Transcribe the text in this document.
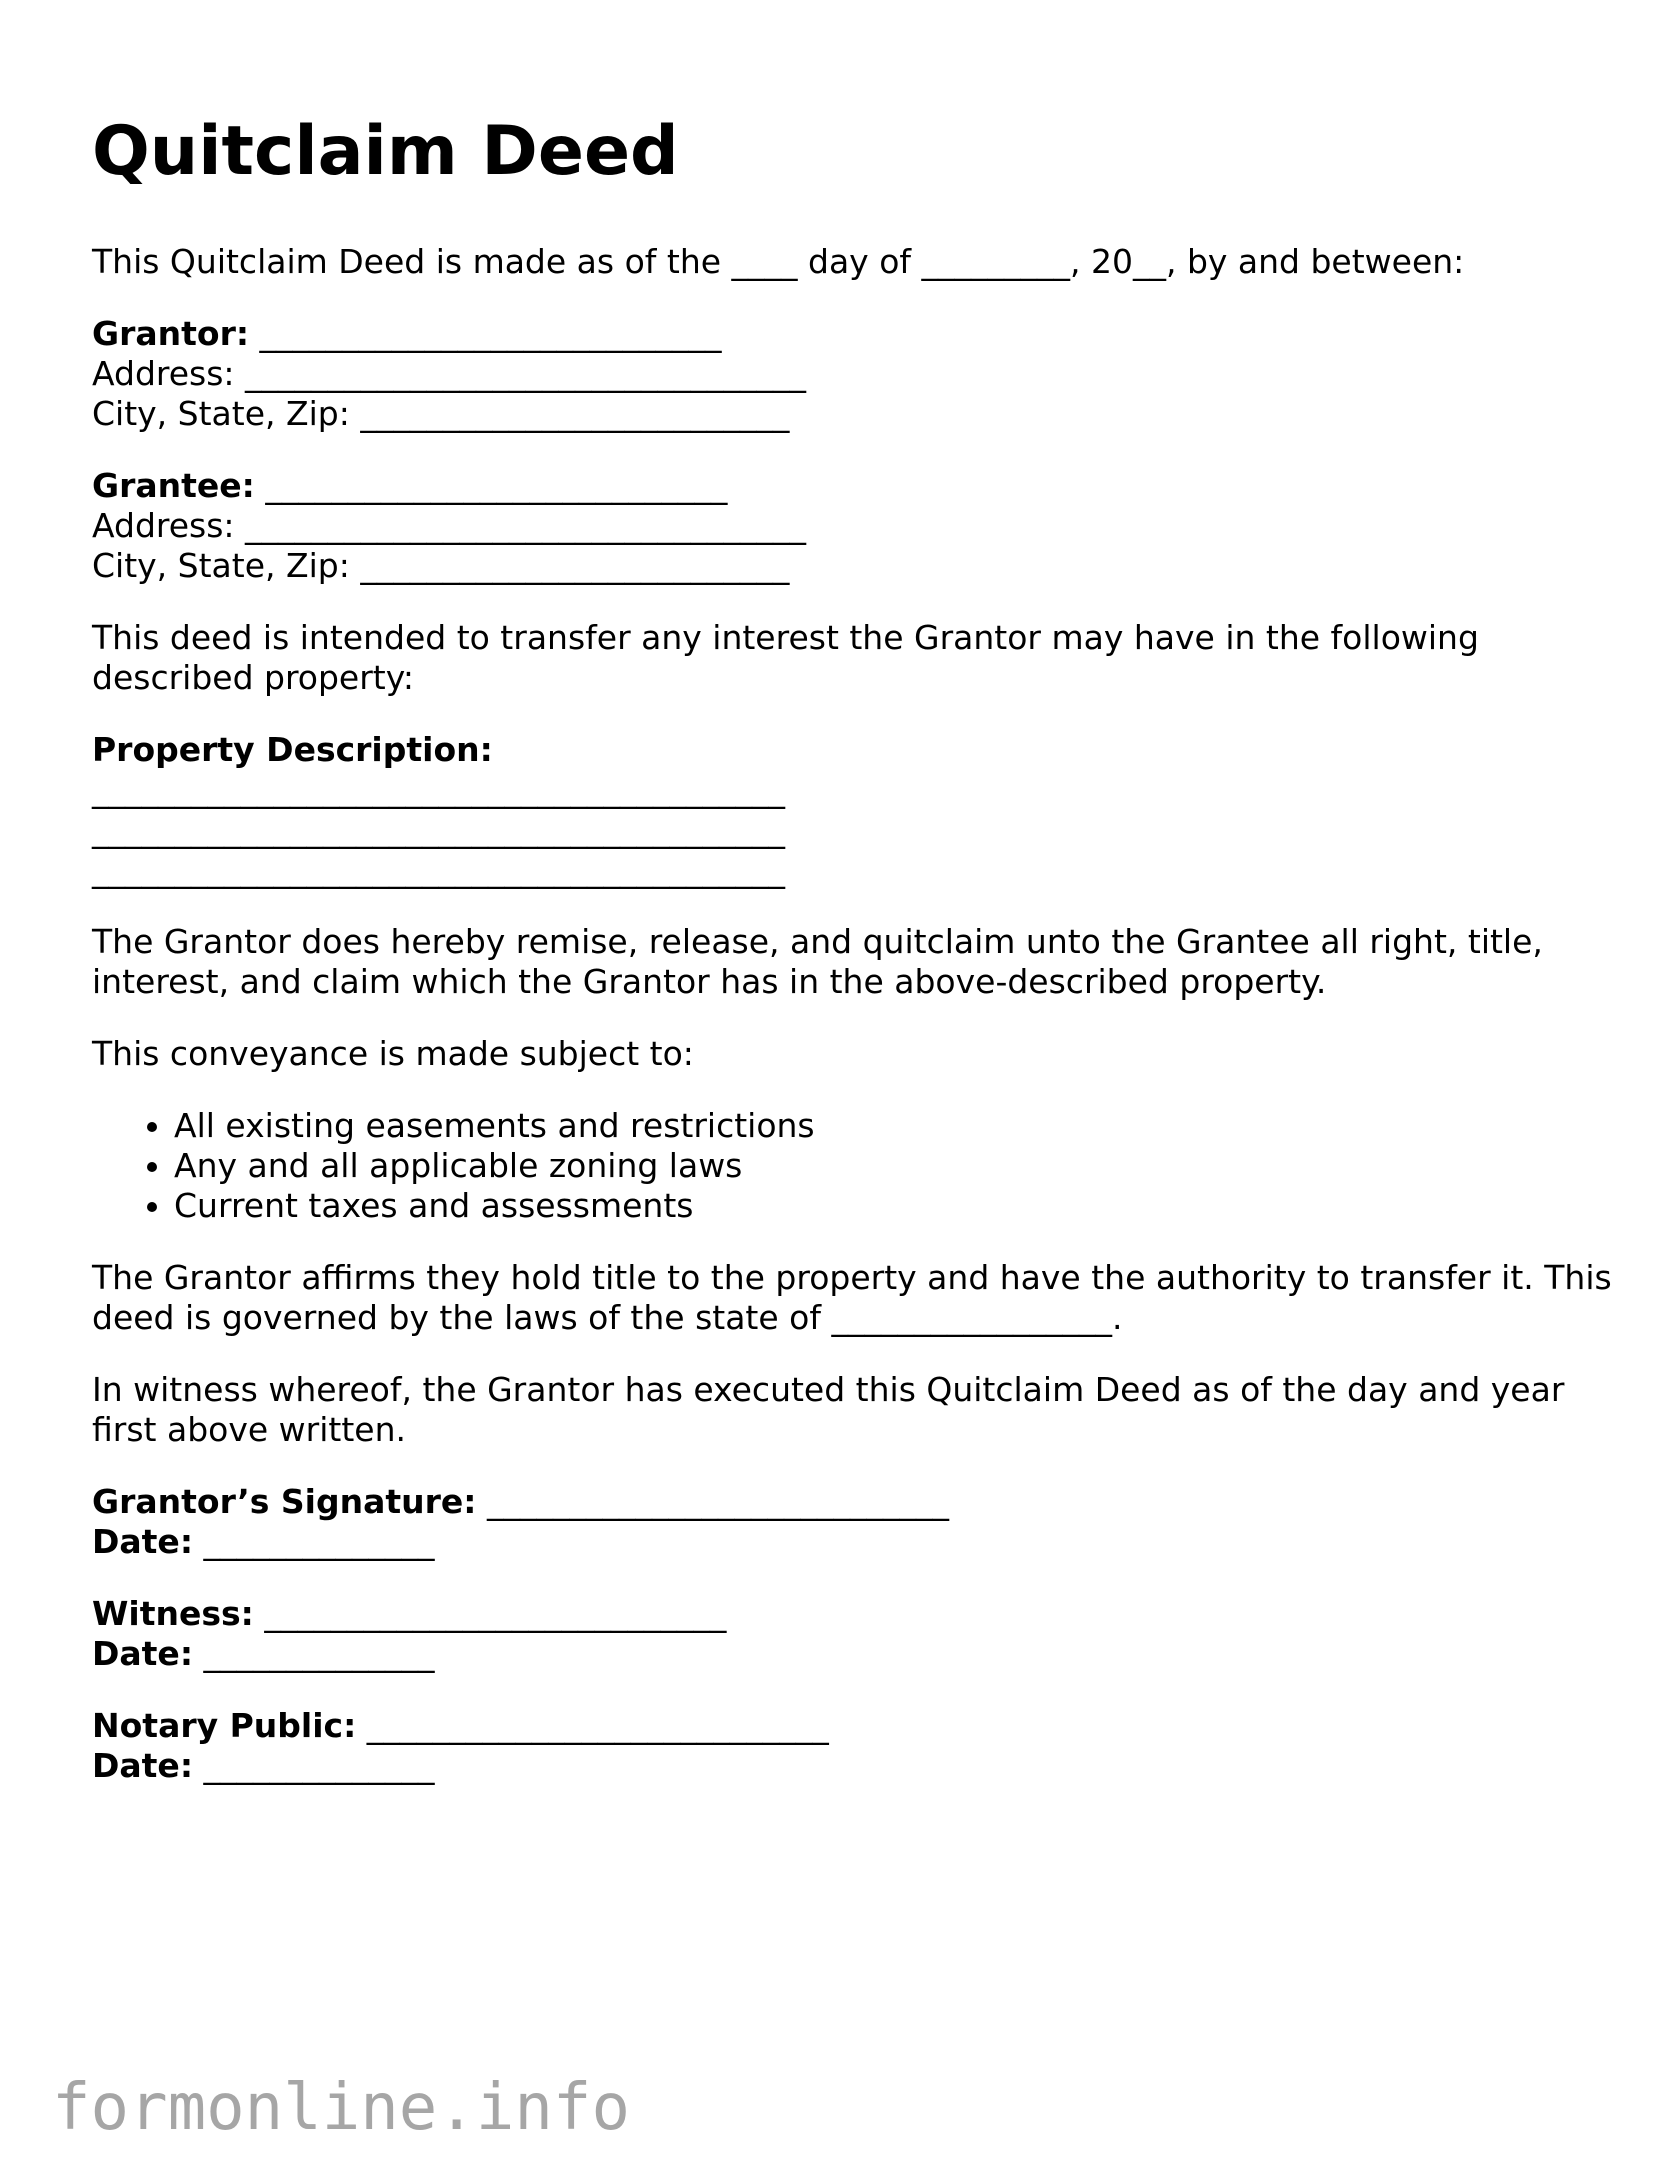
Quitclaim Deed

This Quitclaim Deed is made as of the ____ day of _________, 20__, by and between:

Grantor: ____________________________
Address: __________________________________
City, State, Zip: __________________________
Grantee: ____________________________
Address: __________________________________
City, State, Zip: __________________________

This deed is intended to transfer any interest the Grantor may have in the following described property:

Property Description:
__________________________________________
__________________________________________
__________________________________________

The Grantor does hereby remise, release, and quitclaim unto the Grantee all right, title, interest, and claim which the Grantor has in the above-described property.

This conveyance is made subject to:

• All existing easements and restrictions
• Any and all applicable zoning laws
• Current taxes and assessments

The Grantor affirms they hold title to the property and have the authority to transfer it. This deed is governed by the laws of the state of _________________.

In witness whereof, the Grantor has executed this Quitclaim Deed as of the day and year first above written.

Grantor’s Signature: ____________________________
Date: ______________
Witness: ____________________________
Date: ______________
Notary Public: ____________________________
Date: ______________
formonline.info
